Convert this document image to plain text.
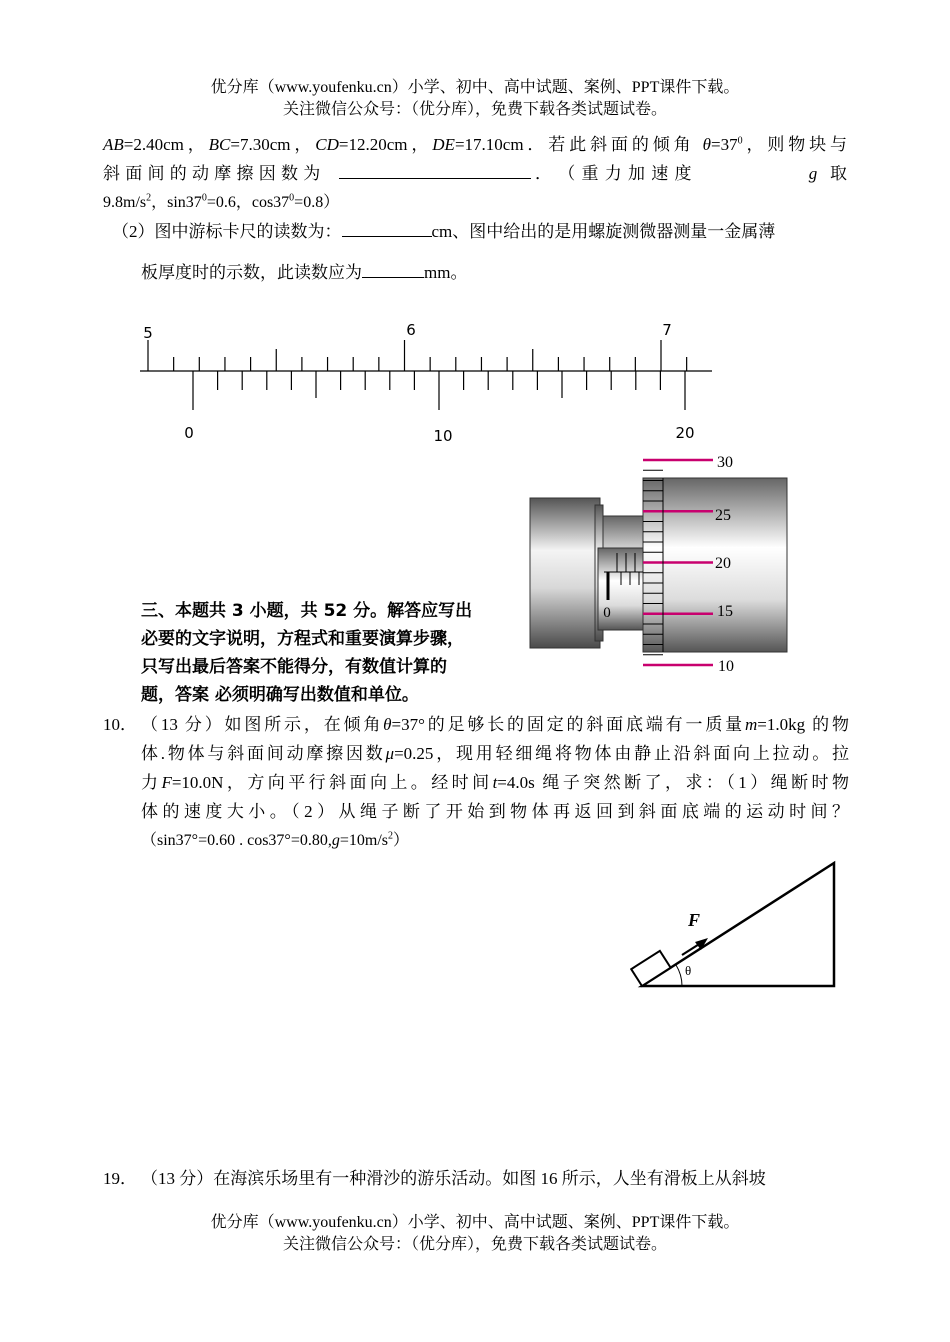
优分库（www.youfenku.cn）小学、初中、高中试题、案例、PPT课件下载。
关注微信公众号：（优分库），免费下载各类试题试卷。
AB=2.40cm，BC=7.30cm，CD=12.20cm，DE=17.10cm．若此斜面的倾角 $\theta=37^0$，则物块与
斜 面 间 的 动 摩 擦 因 数 为	． （ 重 力 加 速 度	g 取
$9.8m/s^2$，$\sin 37^0=0.6$，$\cos 37^0=0.8$）
（2）图中游标卡尺的读数为：	cm、图中给出的是用螺旋测微器测量一金属薄
板厚度时的示数，此读数应为	mm。
5	6	7
0	10	20
0
30
25
20
15
10
三、本题共 3 小题，共 52 分。解答应写出
必要的文字说明，方程式和重要演算步骤，
只写出最后答案不能得分，有数值计算的
题，答案 必须明确写出数值和单位。
10． （13 分）如图所示，在倾角θ=37°的足够长的固定的斜面底端有一质量m=1.0kg 的物
体.物体与斜面间动摩擦因数μ=0.25，现用轻细绳将物体由静止沿斜面向上拉动。拉
力F=10.0N，方向平行斜面向上。经时间t=4.0s 绳子突然断了，求：（1）绳断时物
体的速度大小。（2）从绳子断了开始到物体再返回到斜面底端的运动时间？
（sin37°=0.60 . $\cos 37^\circ=0.80,g=10m/s^2$）
F
θ
19． （13 分）在海滨乐场里有一种滑沙的游乐活动。如图 16 所示，人坐有滑板上从斜坡
优分库（www.youfenku.cn）小学、初中、高中试题、案例、PPT课件下载。
关注微信公众号：（优分库），免费下载各类试题试卷。
